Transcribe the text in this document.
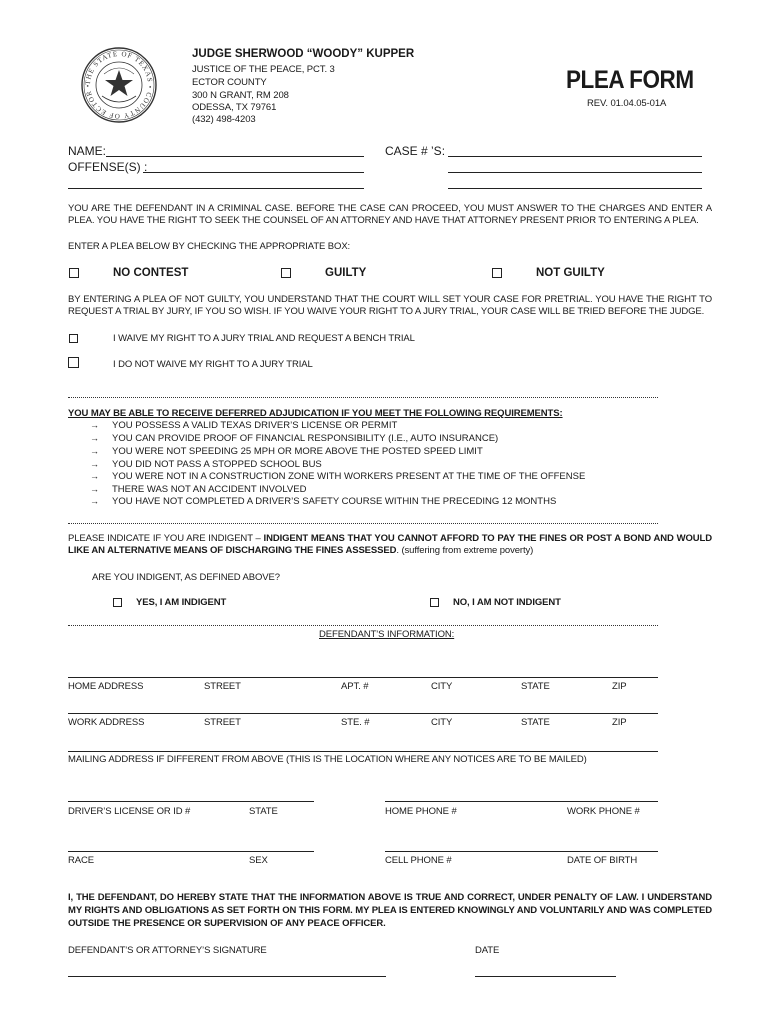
THE STATE OF TEXAS • COUNTY OF ECTOR •
JUDGE SHERWOOD “WOODY” KUPPER
JUSTICE OF THE PEACE, PCT. 3
ECTOR COUNTY
300 N GRANT, RM 208
ODESSA, TX 79761
(432) 498-4203
PLEA FORM
REV. 01.04.05-01A
NAME:	CASE # ’S:
OFFENSE(S) :
YOU ARE THE DEFENDANT IN A CRIMINAL CASE. BEFORE THE CASE CAN PROCEED, YOU MUST ANSWER TO THE CHARGES AND ENTER A PLEA. YOU HAVE THE RIGHT TO SEEK THE COUNSEL OF AN ATTORNEY AND HAVE THAT ATTORNEY PRESENT PRIOR TO ENTERING A PLEA.
ENTER A PLEA BELOW BY CHECKING THE APPROPRIATE BOX:
NO CONTEST	GUILTY	NOT GUILTY
BY ENTERING A PLEA OF NOT GUILTY, YOU UNDERSTAND THAT THE COURT WILL SET YOUR CASE FOR PRETRIAL. YOU HAVE THE RIGHT TO REQUEST A TRIAL BY JURY, IF YOU SO WISH. IF YOU WAIVE YOUR RIGHT TO A JURY TRIAL, YOUR CASE WILL BE TRIED BEFORE THE JUDGE.
I WAIVE MY RIGHT TO A JURY TRIAL AND REQUEST A BENCH TRIAL
I DO NOT WAIVE MY RIGHT TO A JURY TRIAL
YOU MAY BE ABLE TO RECEIVE DEFERRED ADJUDICATION IF YOU MEET THE FOLLOWING REQUIREMENTS:
→ YOU POSSESS A VALID TEXAS DRIVER’S LICENSE OR PERMIT
→ YOU CAN PROVIDE PROOF OF FINANCIAL RESPONSIBILITY (I.E., AUTO INSURANCE)
→ YOU WERE NOT SPEEDING 25 MPH OR MORE ABOVE THE POSTED SPEED LIMIT
→ YOU DID NOT PASS A STOPPED SCHOOL BUS
→ YOU WERE NOT IN A CONSTRUCTION ZONE WITH WORKERS PRESENT AT THE TIME OF THE OFFENSE
→ THERE WAS NOT AN ACCIDENT INVOLVED
→ YOU HAVE NOT COMPLETED A DRIVER’S SAFETY COURSE WITHIN THE PRECEDING 12 MONTHS
PLEASE INDICATE IF YOU ARE INDIGENT – INDIGENT MEANS THAT YOU CANNOT AFFORD TO PAY THE FINES OR POST A BOND AND WOULD LIKE AN ALTERNATIVE MEANS OF DISCHARGING THE FINES ASSESSED. (suffering from extreme poverty)
ARE YOU INDIGENT, AS DEFINED ABOVE?
YES, I AM INDIGENT	NO, I AM NOT INDIGENT
DEFENDANT’S INFORMATION:
HOME ADDRESS	STREET	APT. #	CITY	STATE	ZIP
WORK ADDRESS	STREET	STE. #	CITY	STATE	ZIP
MAILING ADDRESS IF DIFFERENT FROM ABOVE (THIS IS THE LOCATION WHERE ANY NOTICES ARE TO BE MAILED)
DRIVER’S LICENSE OR ID #	STATE	HOME PHONE #	WORK PHONE #
RACE	SEX	CELL PHONE #	DATE OF BIRTH
I, THE DEFENDANT, DO HEREBY STATE THAT THE INFORMATION ABOVE IS TRUE AND CORRECT, UNDER PENALTY OF LAW. I UNDERSTAND MY RIGHTS AND OBLIGATIONS AS SET FORTH ON THIS FORM. MY PLEA IS ENTERED KNOWINGLY AND VOLUNTARILY AND WAS COMPLETED OUTSIDE THE PRESENCE OR SUPERVISION OF ANY PEACE OFFICER.
DEFENDANT’S OR ATTORNEY’S SIGNATURE	DATE
